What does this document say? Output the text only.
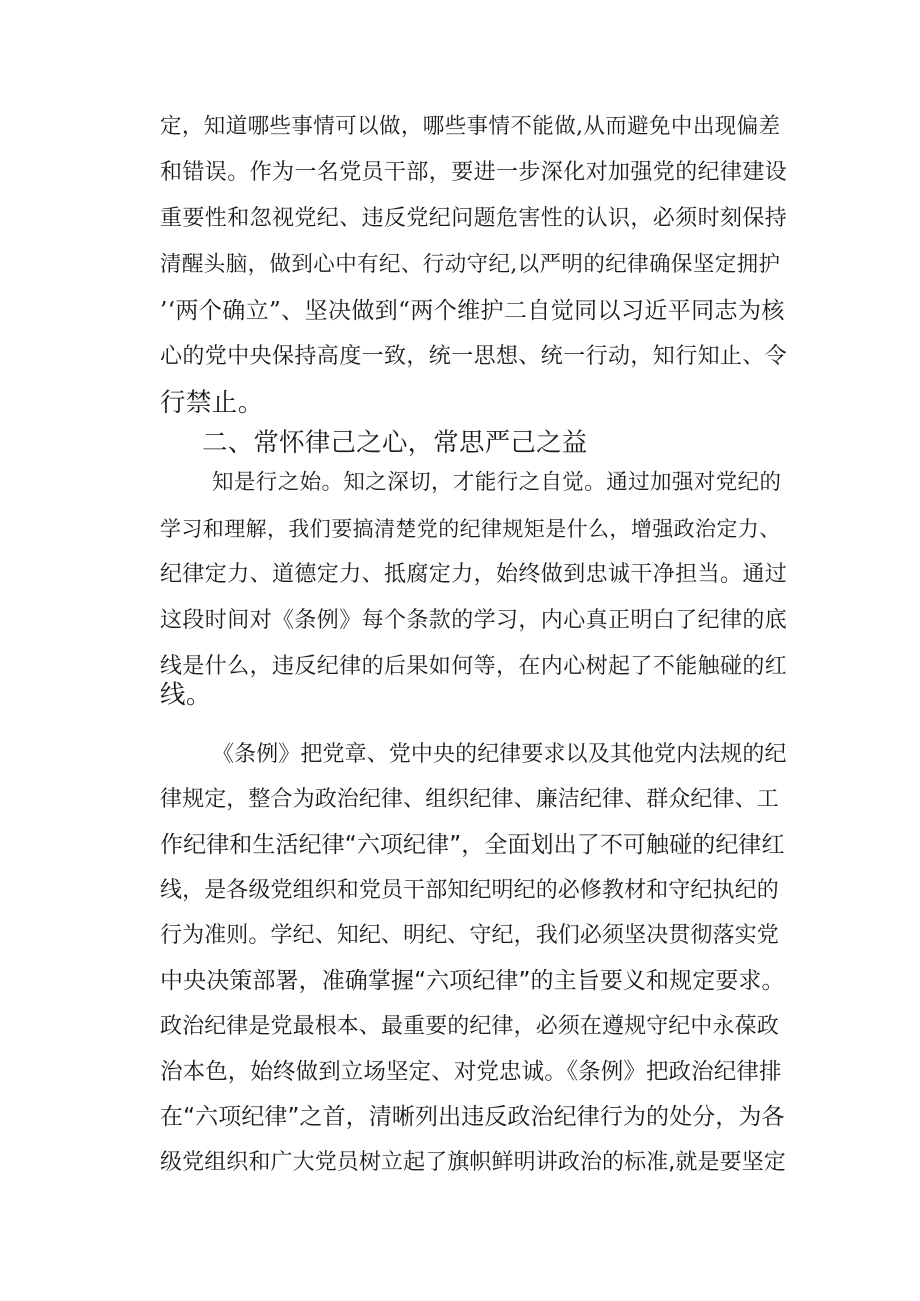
定，知道哪些事情可以做，哪些事情不能做,从而避免中出现偏差
和错误。作为一名党员干部，要进一步深化对加强党的纪律建设
重要性和忽视党纪、违反党纪问题危害性的认识，必须时刻保持
清醒头脑，做到心中有纪、行动守纪,以严明的纪律确保坚定拥护
’‘两个确立”、坚决做到“两个维护二自觉同以习近平同志为核
心的党中央保持高度一致，统一思想、统一行动，知行知止、令
行禁止。
二、常怀律己之心，常思严己之益
知是行之始。知之深切，才能行之自觉。通过加强对党纪的
学习和理解，我们要搞清楚党的纪律规矩是什么，增强政治定力、
纪律定力、道德定力、抵腐定力，始终做到忠诚干净担当。通过
这段时间对《条例》每个条款的学习，内心真正明白了纪律的底
线是什么，违反纪律的后果如何等，在内心树起了不能触碰的红
线。
《条例》把党章、党中央的纪律要求以及其他党内法规的纪
律规定，整合为政治纪律、组织纪律、廉洁纪律、群众纪律、工
作纪律和生活纪律“六项纪律”，全面划出了不可触碰的纪律红
线，是各级党组织和党员干部知纪明纪的必修教材和守纪执纪的
行为准则。学纪、知纪、明纪、守纪，我们必须坚决贯彻落实党
中央决策部署，准确掌握“六项纪律”的主旨要义和规定要求。
政治纪律是党最根本、最重要的纪律，必须在遵规守纪中永葆政
治本色，始终做到立场坚定、对党忠诚。《条例》把政治纪律排
在“六项纪律”之首，清晰列出违反政治纪律行为的处分，为各
级党组织和广大党员树立起了旗帜鲜明讲政治的标准,就是要坚定
